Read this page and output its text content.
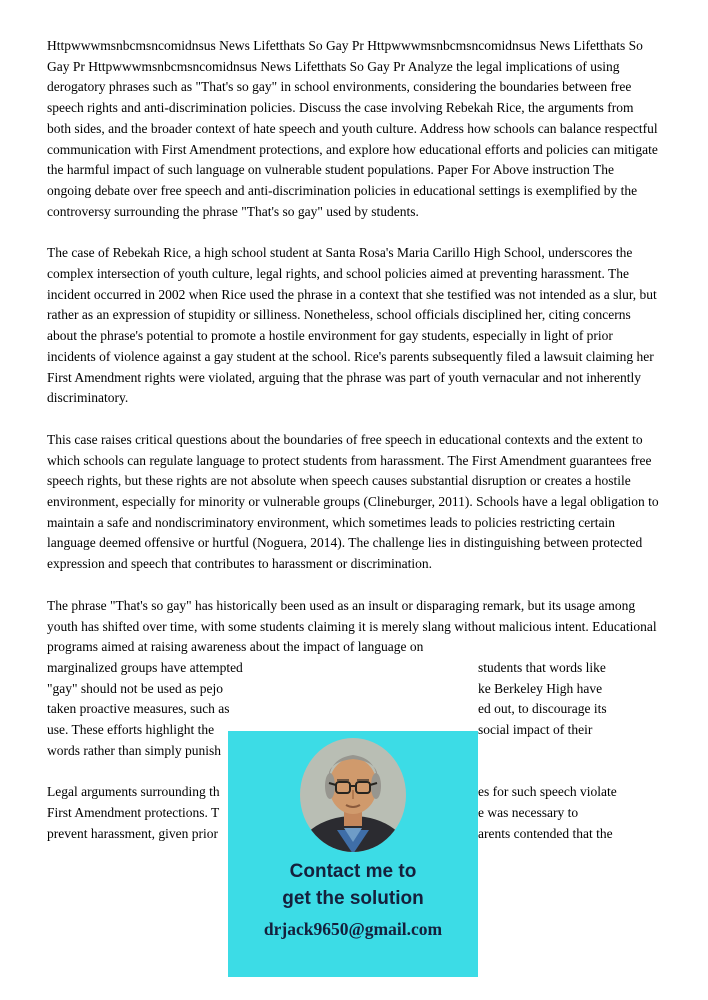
Httpwwwmsnbcmsncomidnsus News Lifetthats So Gay Pr Httpwwwmsnbcmsncomidnsus News Lifetthats So Gay Pr Httpwwwmsnbcmsncomidnsus News Lifetthats So Gay Pr Analyze the legal implications of using derogatory phrases such as "That's so gay" in school environments, considering the boundaries between free speech rights and anti-discrimination policies. Discuss the case involving Rebekah Rice, the arguments from both sides, and the broader context of hate speech and youth culture. Address how schools can balance respectful communication with First Amendment protections, and explore how educational efforts and policies can mitigate the harmful impact of such language on vulnerable student populations. Paper For Above instruction The ongoing debate over free speech and anti-discrimination policies in educational settings is exemplified by the controversy surrounding the phrase "That's so gay" used by students.

The case of Rebekah Rice, a high school student at Santa Rosa's Maria Carillo High School, underscores the complex intersection of youth culture, legal rights, and school policies aimed at preventing harassment. The incident occurred in 2002 when Rice used the phrase in a context that she testified was not intended as a slur, but rather as an expression of stupidity or silliness. Nonetheless, school officials disciplined her, citing concerns about the phrase's potential to promote a hostile environment for gay students, especially in light of prior incidents of violence against a gay student at the school. Rice's parents subsequently filed a lawsuit claiming her First Amendment rights were violated, arguing that the phrase was part of youth vernacular and not inherently discriminatory.

This case raises critical questions about the boundaries of free speech in educational contexts and the extent to which schools can regulate language to protect students from harassment. The First Amendment guarantees free speech rights, but these rights are not absolute when speech causes substantial disruption or creates a hostile environment, especially for minority or vulnerable groups (Clineburger, 2011). Schools have a legal obligation to maintain a safe and nondiscriminatory environment, which sometimes leads to policies restricting certain language deemed offensive or hurtful (Noguera, 2014). The challenge lies in distinguishing between protected expression and speech that contributes to harassment or discrimination.

The phrase "That's so gay" has historically been used as an insult or disparaging remark, but its usage among youth has shifted over time, with some students claiming it is merely slang without malicious intent. Educational programs aimed at raising awareness about the impact of language on

marginalized groups have attempted	students that words like
"gay" should not be used as pejo	ke Berkeley High have
taken proactive measures, such as	ed out, to discourage its
use. These efforts highlight the	social impact of their
words rather than simply punish
Legal arguments surrounding th	es for such speech violate
First Amendment protections. T	e was necessary to
prevent harassment, given prior	arents contended that the
Contact me to
get the solution
drjack9650@gmail.com
